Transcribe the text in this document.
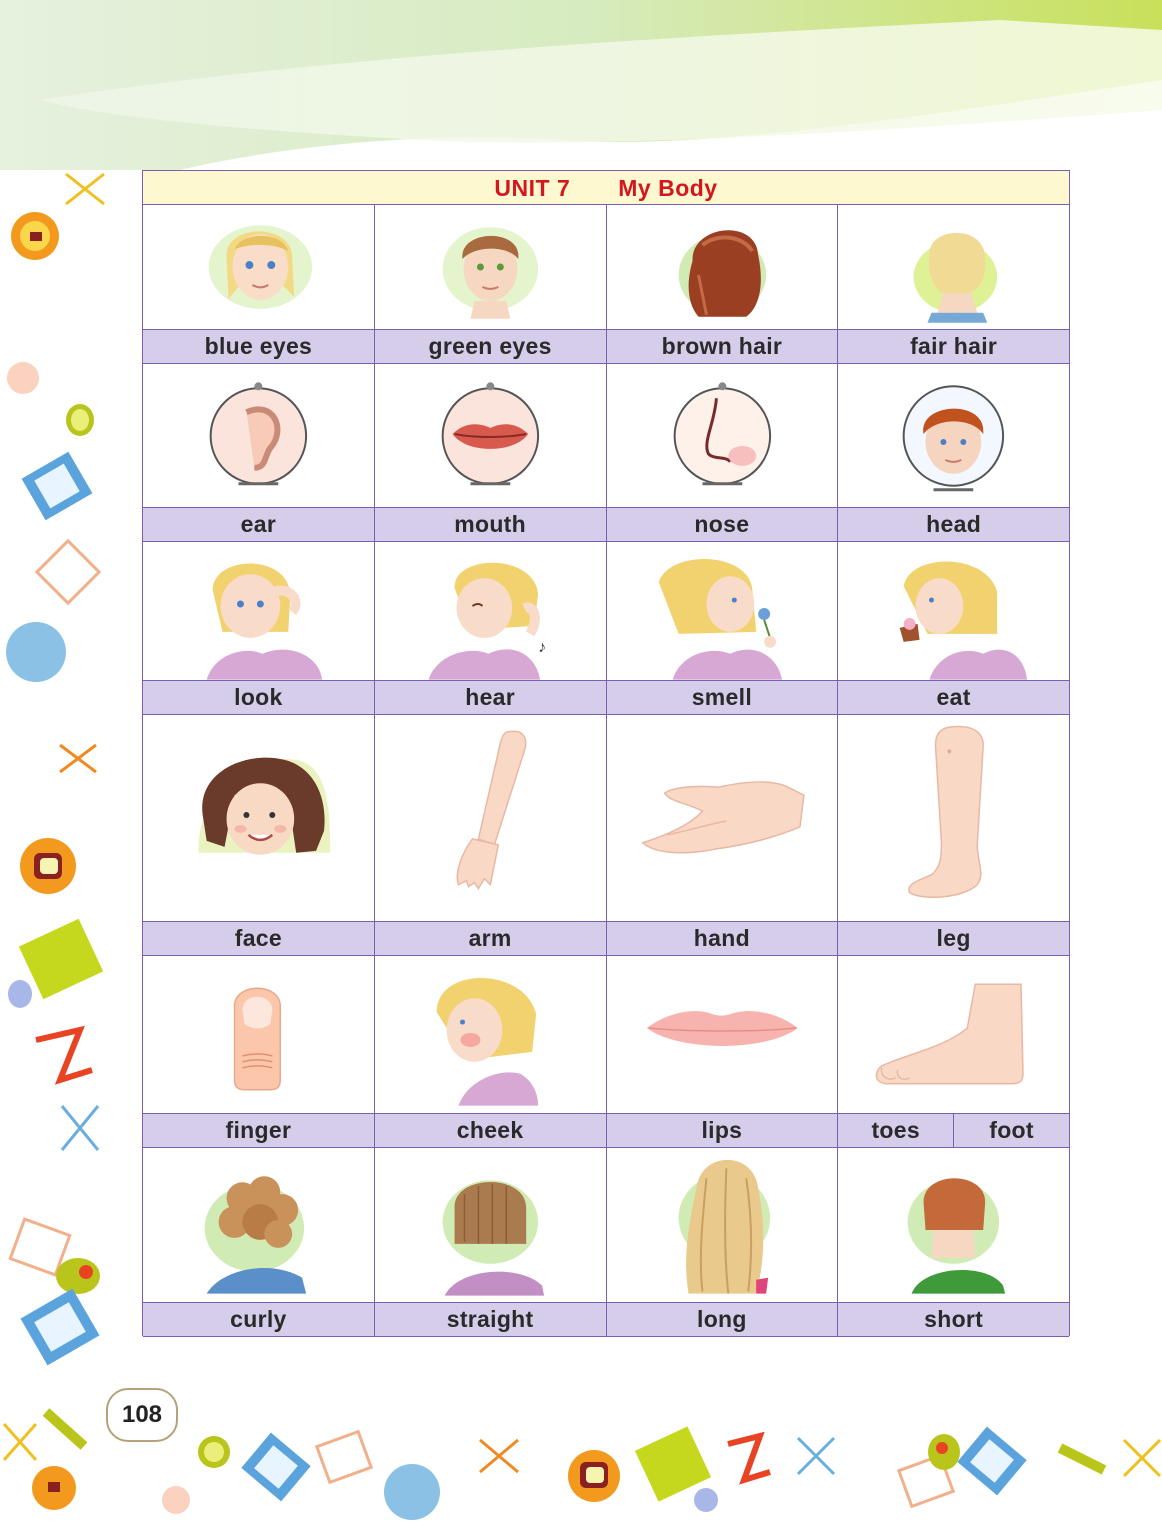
UNIT 7 My Body
blue eyes	green eyes	brown hair	fair hair
ear	mouth	nose	head
♪
look	hear	smell	eat
face	arm	hand	leg
finger	cheek	lips	toes	foot
curly	straight	long	short
108
